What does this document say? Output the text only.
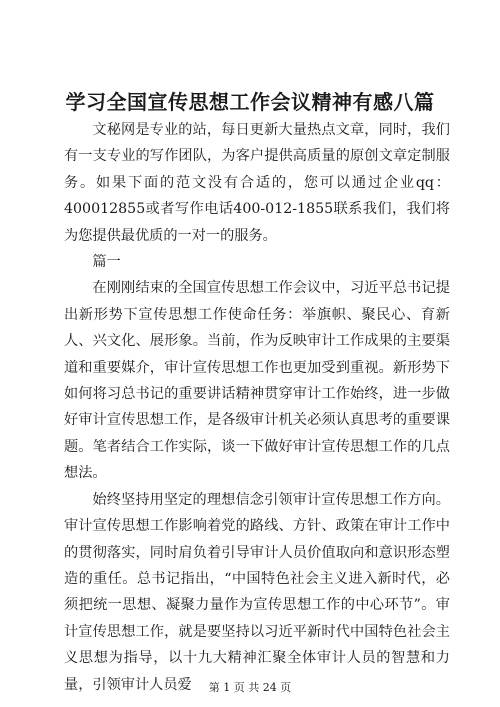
学习全国宣传思想工作会议精神有感八篇

文秘网是专业的站，每日更新大量热点文章，同时，我们有一支专业的写作团队，为客户提供高质量的原创文章定制服务。如果下面的范文没有合适的，您可以通过企业qq：400012855或者写作电话400-012-1855联系我们，我们将为您提供最优质的一对一的服务。

篇一

在刚刚结束的全国宣传思想工作会议中，习近平总书记提出新形势下宣传思想工作使命任务：举旗帜、聚民心、育新人、兴文化、展形象。当前，作为反映审计工作成果的主要渠道和重要媒介，审计宣传思想工作也更加受到重视。新形势下如何将习总书记的重要讲话精神贯穿审计工作始终，进一步做好审计宣传思想工作，是各级审计机关必须认真思考的重要课题。笔者结合工作实际，谈一下做好审计宣传思想工作的几点想法。

始终坚持用坚定的理想信念引领审计宣传思想工作方向。审计宣传思想工作影响着党的路线、方针、政策在审计工作中的贯彻落实，同时肩负着引导审计人员价值取向和意识形态塑造的重任。总书记指出，“中国特色社会主义进入新时代，必须把统一思想、凝聚力量作为宣传思想工作的中心环节”。审计宣传思想工作，就是要坚持以习近平新时代中国特色社会主义思想为指导，以十九大精神汇聚全体审计人员的智慧和力量，引领审计人员爱	第 1 页 共 24 页
